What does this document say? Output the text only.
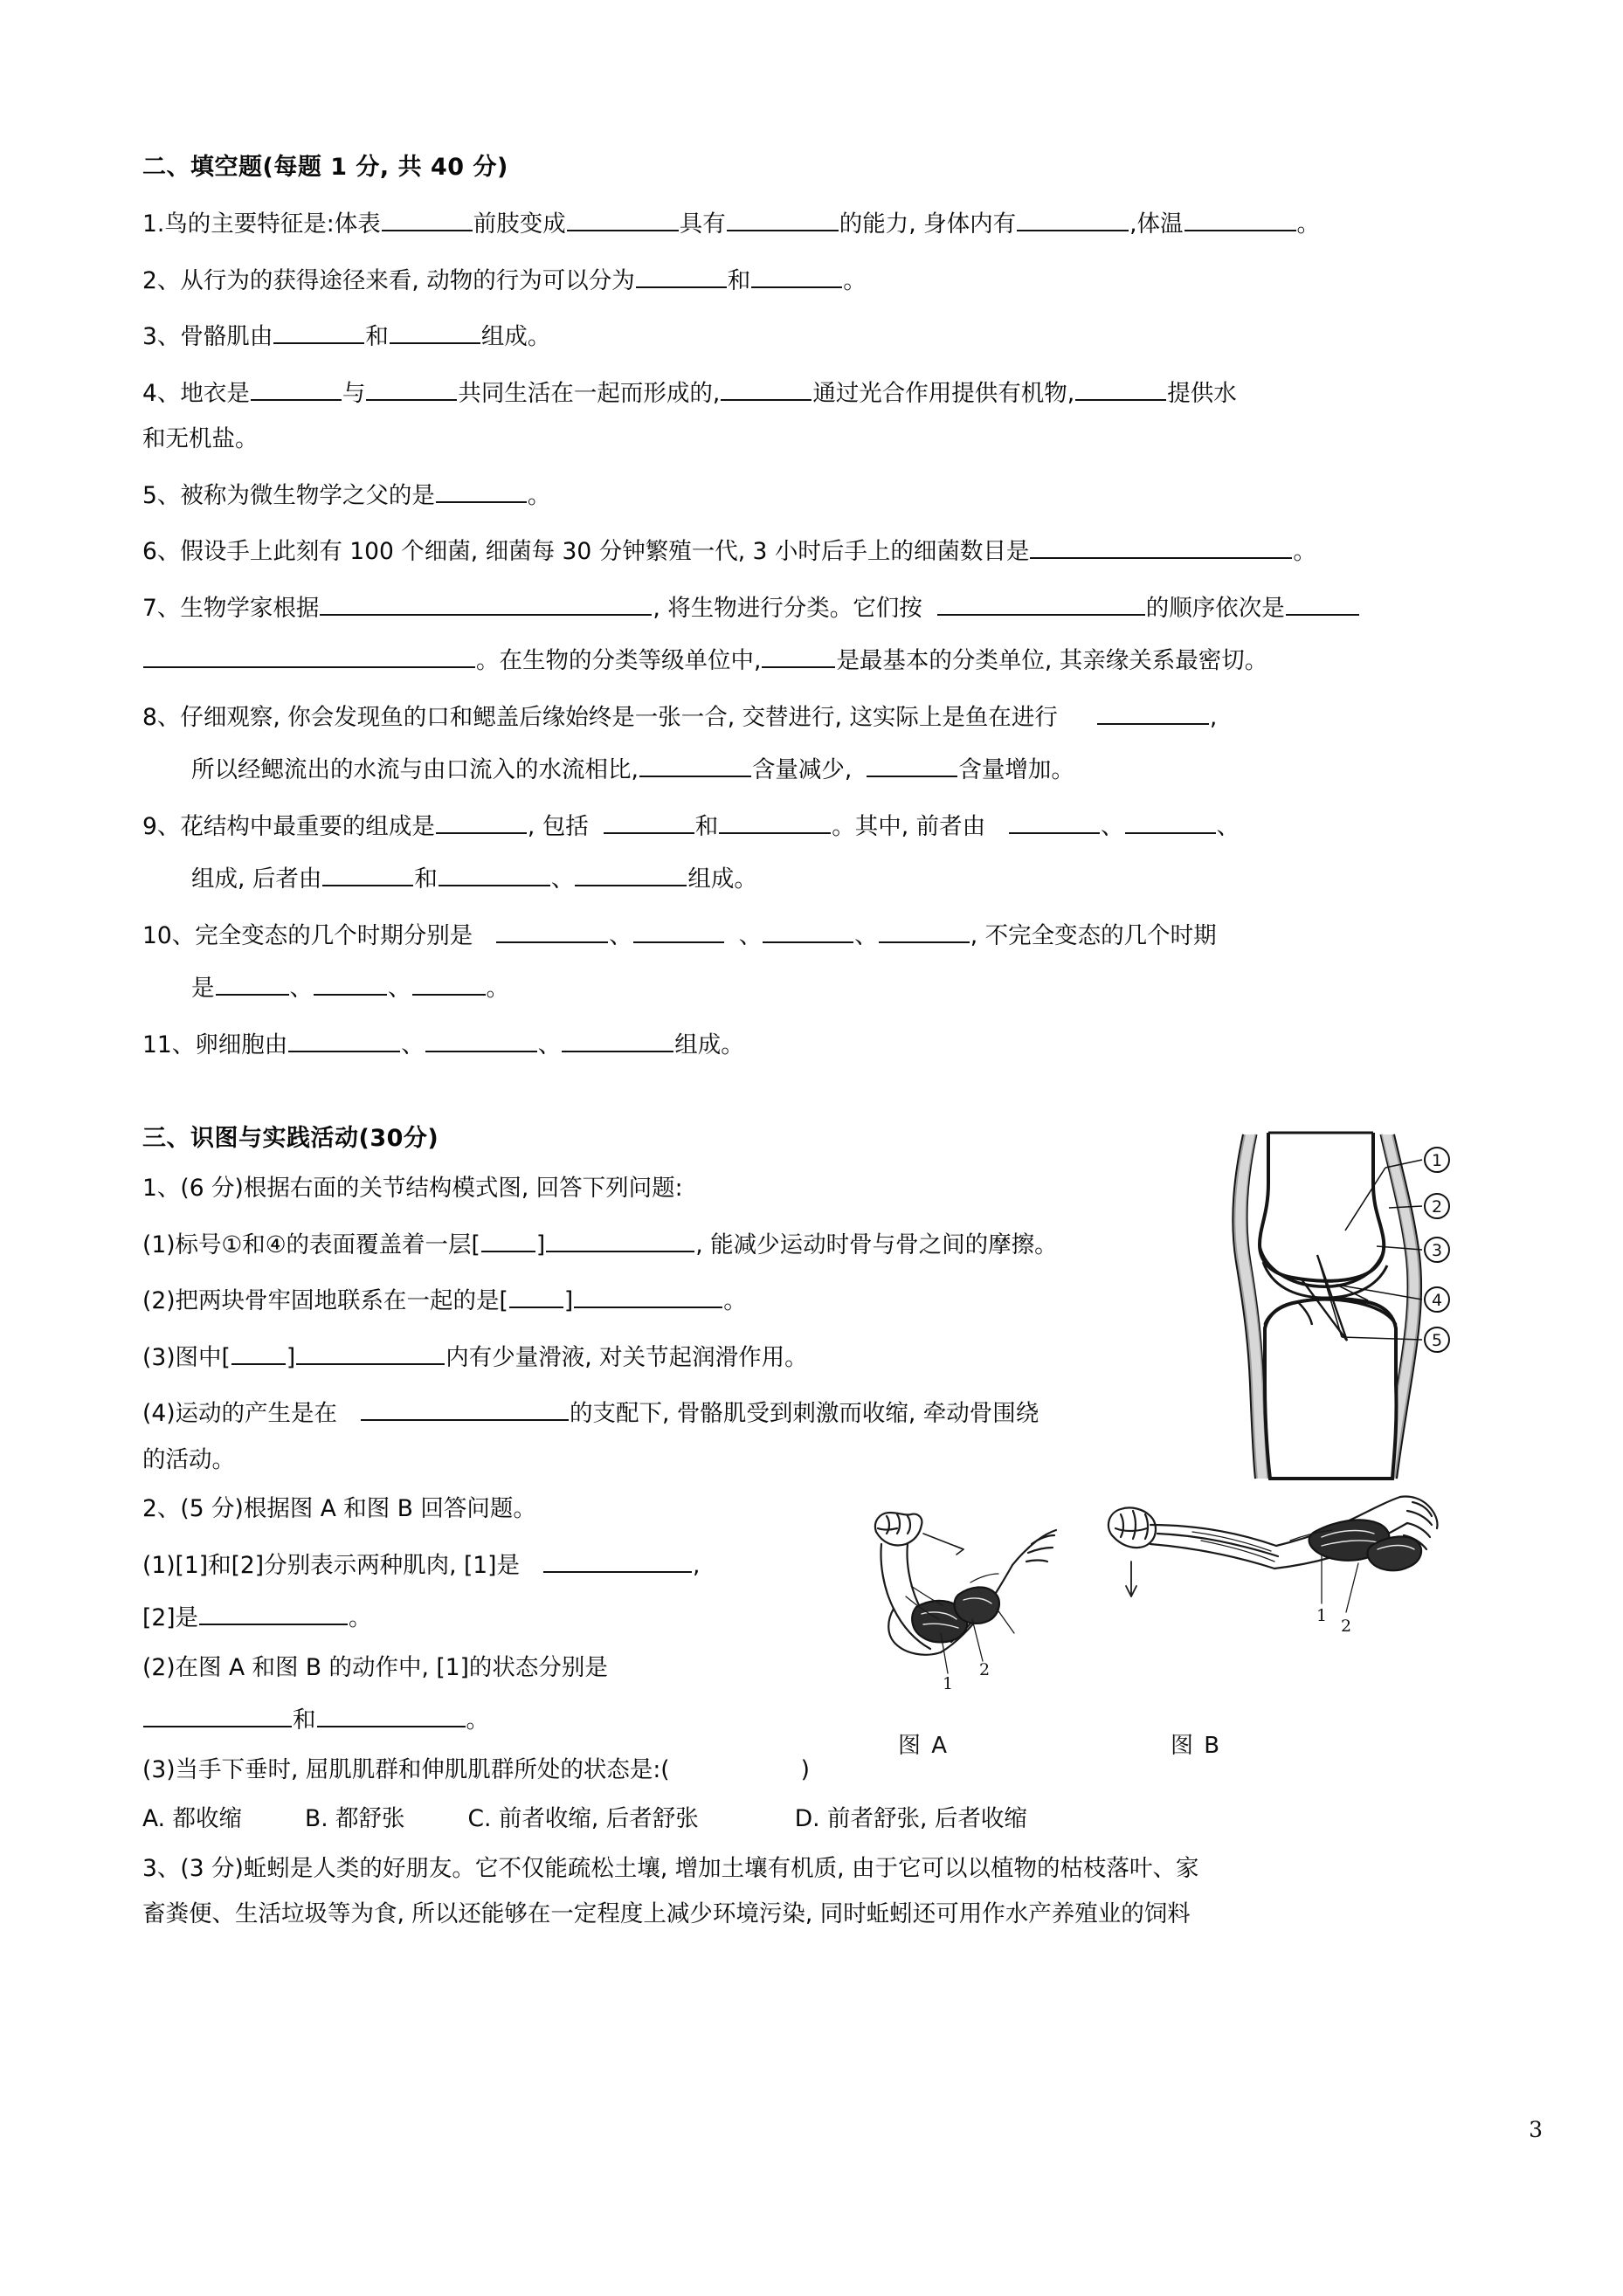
二、填空题(每题 1 分, 共 40 分)
1.鸟的主要特征是:体表	前肢变成	具有	的能力, 身体内有	,体温	。
2、从行为的获得途径来看, 动物的行为可以分为	和	。
3、骨骼肌由	和	组成。
4、地衣是	与	共同生活在一起而形成的,	通过光合作用提供有机物,	提供水
和无机盐。
5、被称为微生物学之父的是	。
6、假设手上此刻有 100 个细菌, 细菌每 30 分钟繁殖一代, 3 小时后手上的细菌数目是	。
7、生物学家根据	, 将生物进行分类。它们按	的顺序依次是
。在生物的分类等级单位中,	是最基本的分类单位, 其亲缘关系最密切。
8、仔细观察, 你会发现鱼的口和鳃盖后缘始终是一张一合, 交替进行, 这实际上是鱼在进行	,
所以经鳃流出的水流与由口流入的水流相比,	含量减少,	含量增加。
9、花结构中最重要的组成是	, 包括	和	。其中, 前者由	、	、
组成, 后者由	和	、	组成。
10、完全变态的几个时期分别是	、	、	、	, 不完全变态的几个时期
是	、	、	。
11、卵细胞由	、	、	组成。
三、识图与实践活动(30分)
1、(6 分)根据右面的关节结构模式图, 回答下列问题:
(1)标号①和④的表面覆盖着一层[ ]	, 能减少运动时骨与骨之间的摩擦。
(2)把两块骨牢固地联系在一起的是[ ]	。
(3)图中[ ]	内有少量滑液, 对关节起润滑作用。
(4)运动的产生是在	的支配下, 骨骼肌受到刺激而收缩, 牵动骨围绕
的活动。
2、(5 分)根据图 A 和图 B 回答问题。
(1)[1]和[2]分别表示两种肌肉, [1]是	,
[2]是	。
(2)在图 A 和图 B 的动作中, [1]的状态分别是
和	。
(3)当手下垂时, 屈肌肌群和伸肌肌群所处的状态是:(	)
A. 都收缩	B. 都舒张	C. 前者收缩, 后者舒张	D. 前者舒张, 后者收缩
3、(3 分)蚯蚓是人类的好朋友。它不仅能疏松土壤, 增加土壤有机质, 由于它可以以植物的枯枝落叶、家
畜粪便、生活垃圾等为食, 所以还能够在一定程度上减少环境污染, 同时蚯蚓还可用作水产养殖业的饲料
1
2
3
4
5
1
2
1
2
图 A	图 B
3
